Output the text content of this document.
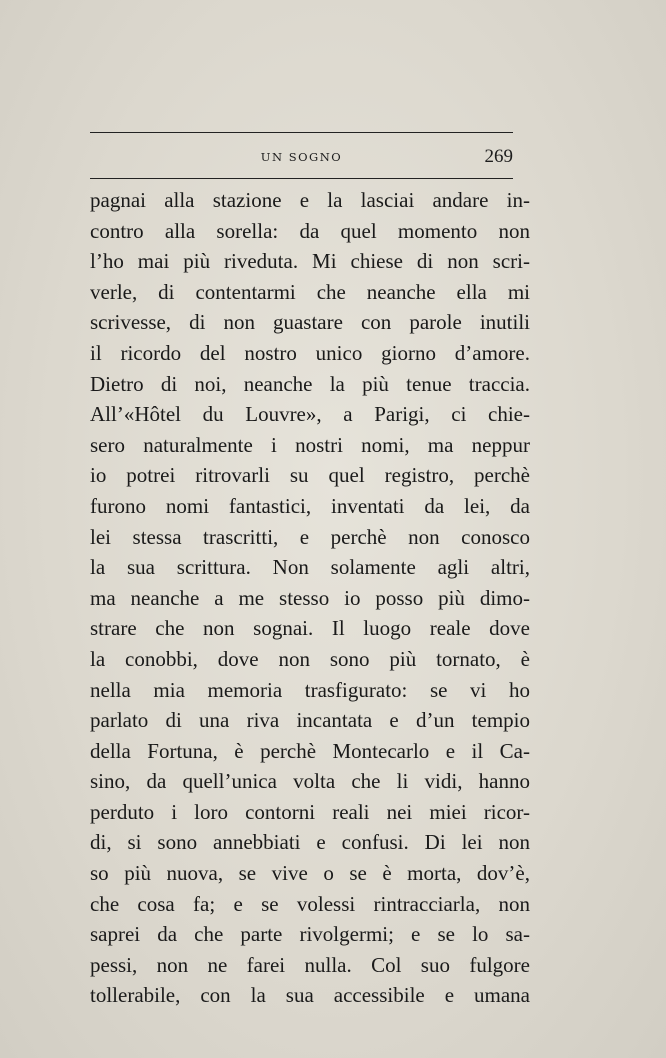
UN SOGNO	269
pagnai alla stazione e la lasciai andare in-
contro alla sorella: da quel momento non
l’ho mai più riveduta. Mi chiese di non scri-
verle, di contentarmi che neanche ella mi
scrivesse, di non guastare con parole inutili
il ricordo del nostro unico giorno d’amore.
Dietro di noi, neanche la più tenue traccia.
All’«Hôtel du Louvre», a Parigi, ci chie-
sero naturalmente i nostri nomi, ma neppur
io potrei ritrovarli su quel registro, perchè
furono nomi fantastici, inventati da lei, da
lei stessa trascritti, e perchè non conosco
la sua scrittura. Non solamente agli altri,
ma neanche a me stesso io posso più dimo-
strare che non sognai. Il luogo reale dove
la conobbi, dove non sono più tornato, è
nella mia memoria trasfigurato: se vi ho
parlato di una riva incantata e d’un tempio
della Fortuna, è perchè Montecarlo e il Ca-
sino, da quell’unica volta che li vidi, hanno
perduto i loro contorni reali nei miei ricor-
di, si sono annebbiati e confusi. Di lei non
so più nuova, se vive o se è morta, dov’è,
che cosa fa; e se volessi rintracciarla, non
saprei da che parte rivolgermi; e se lo sa-
pessi, non ne farei nulla. Col suo fulgore
tollerabile, con la sua accessibile e umana
